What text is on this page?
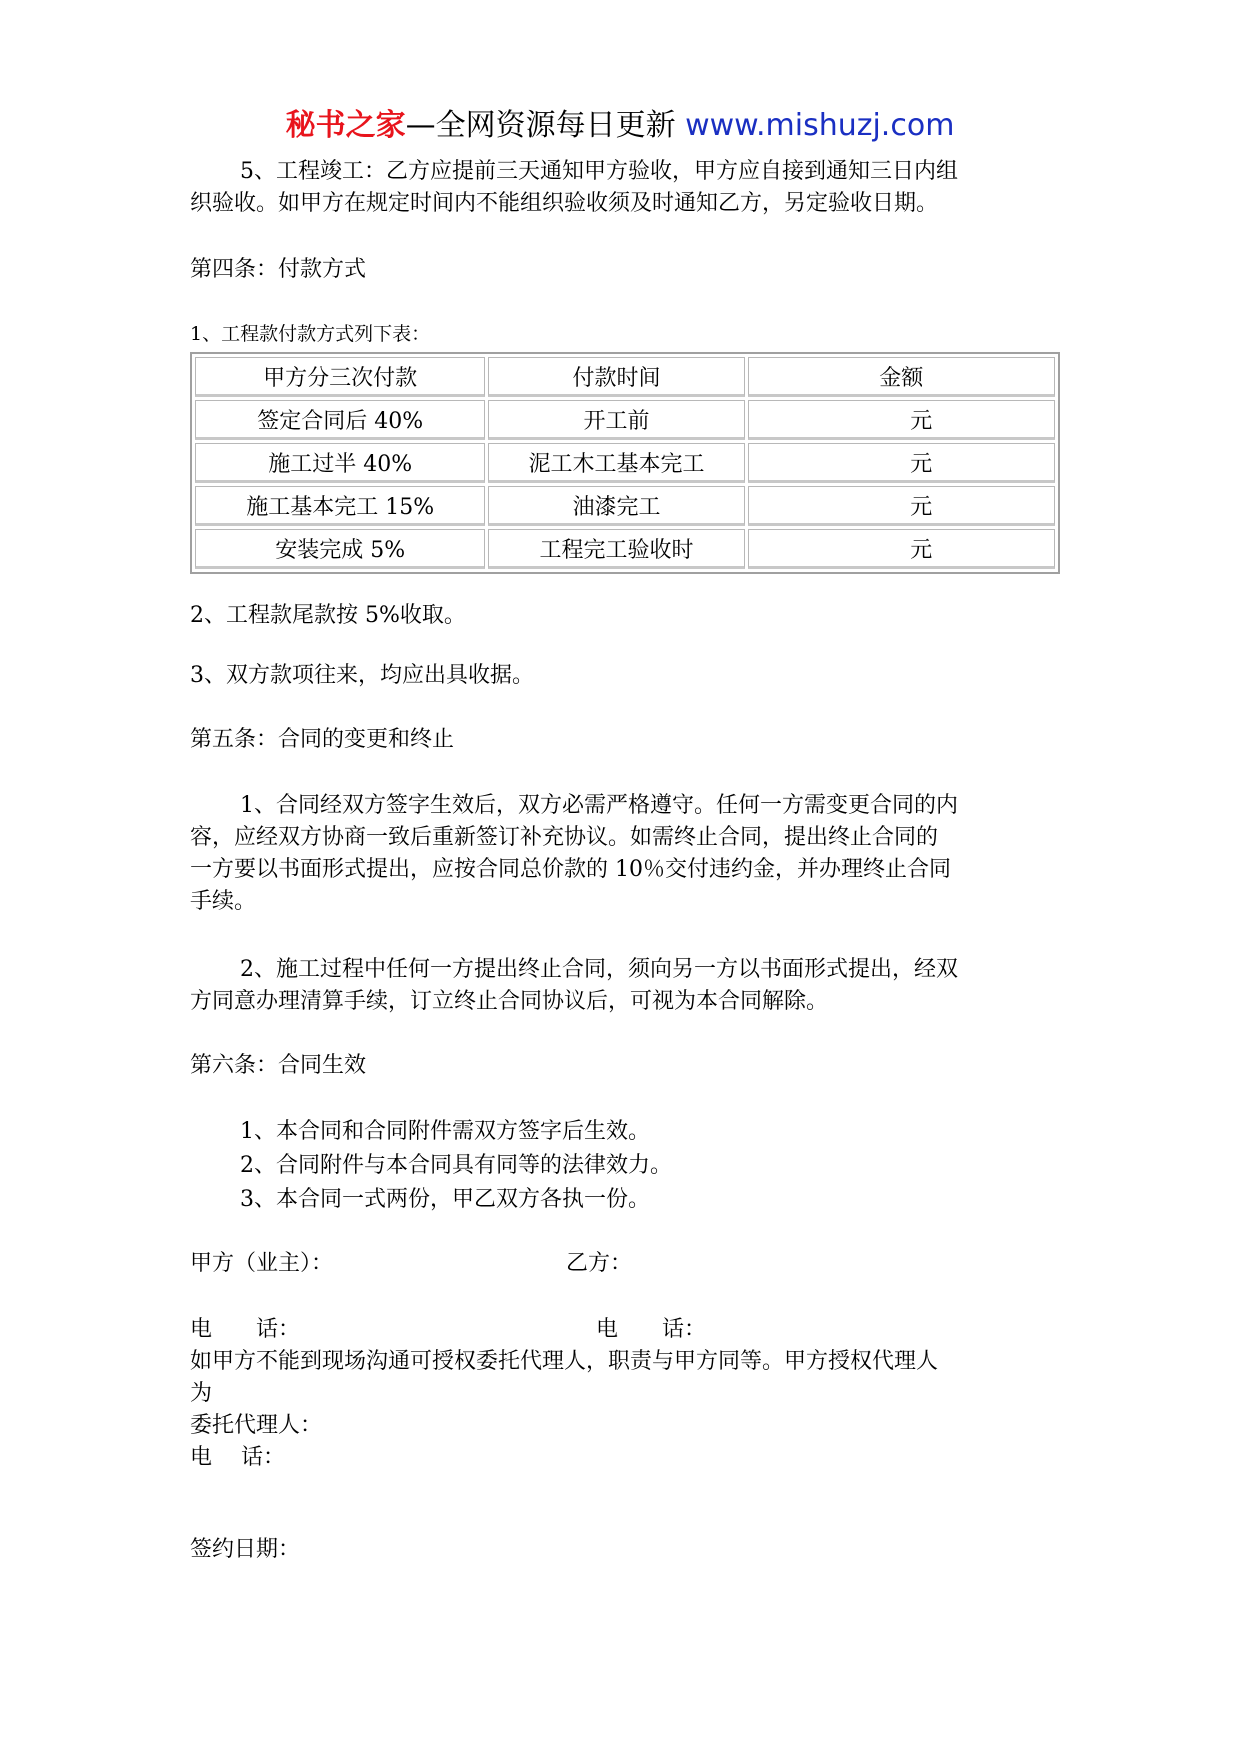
秘书之家—全网资源每日更新 www.mishuzj.com
5、工程竣工：乙方应提前三天通知甲方验收，甲方应自接到通知三日内组
织验收。如甲方在规定时间内不能组织验收须及时通知乙方，另定验收日期。
第四条：付款方式
1、工程款付款方式列下表：
甲方分三次付款	付款时间	金额
签定合同后 40%	开工前	元
施工过半 40%	泥工木工基本完工	元
施工基本完工 15%	油漆完工	元
安装完成 5%	工程完工验收时	元
2、工程款尾款按 5%收取。
3、双方款项往来，均应出具收据。
第五条：合同的变更和终止
1、合同经双方签字生效后，双方必需严格遵守。任何一方需变更合同的内
容，应经双方协商一致后重新签订补充协议。如需终止合同，提出终止合同的
一方要以书面形式提出，应按合同总价款的 10％交付违约金，并办理终止合同
手续。
2、施工过程中任何一方提出终止合同，须向另一方以书面形式提出，经双
方同意办理清算手续，订立终止合同协议后，可视为本合同解除。
第六条：合同生效
1、本合同和合同附件需双方签字后生效。
2、合同附件与本合同具有同等的法律效力。
3、本合同一式两份，甲乙双方各执一份。
甲方（业主）：	乙方：
电　　话：	电　　话：
如甲方不能到现场沟通可授权委托代理人，职责与甲方同等。甲方授权代理人
为
委托代理人：
电　 话：
签约日期：
